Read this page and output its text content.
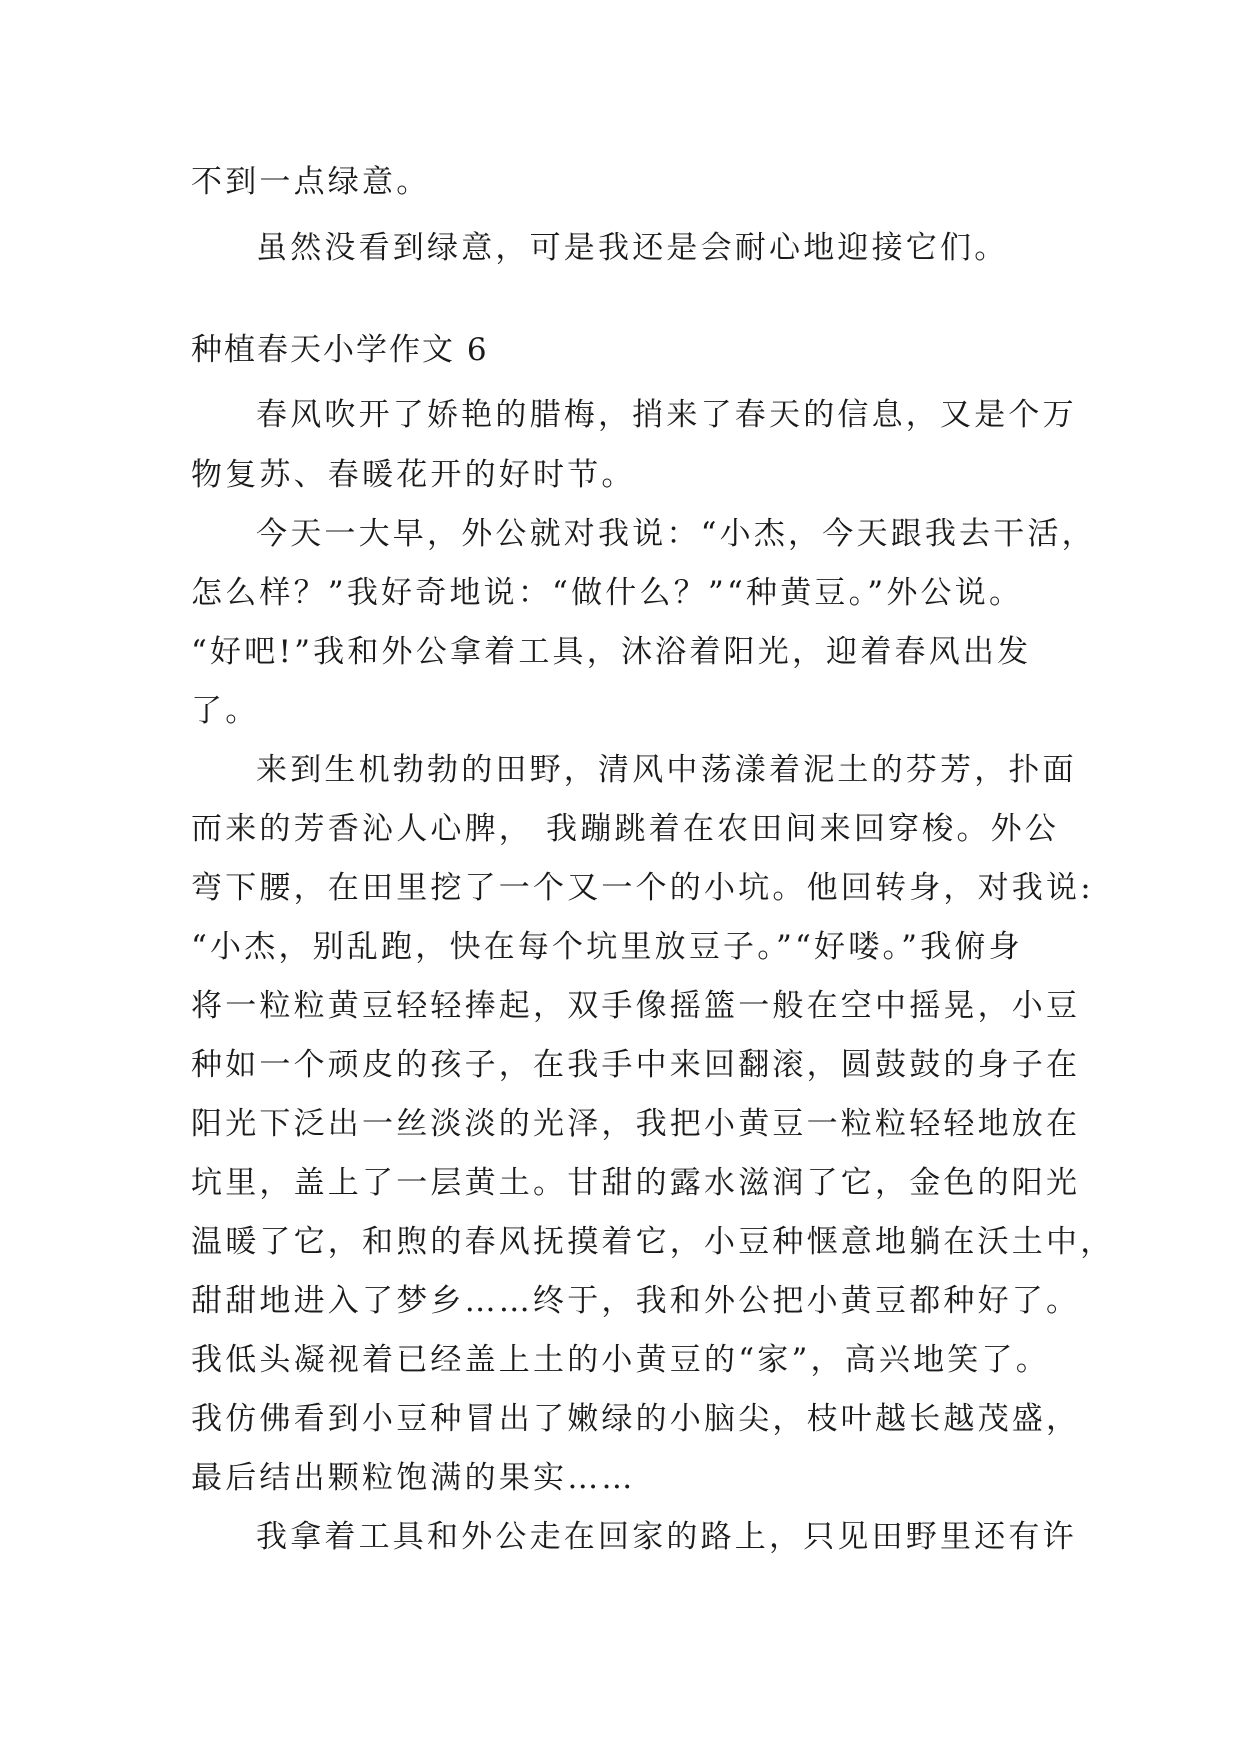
不到一点绿意。
虽然没看到绿意，可是我还是会耐心地迎接它们。
种植春天小学作文 6
春风吹开了娇艳的腊梅，捎来了春天的信息，又是个万
物复苏、春暖花开的好时节。
今天一大早，外公就对我说：“小杰，今天跟我去干活，
怎么样？”我好奇地说：“做什么？”“种黄豆。”外公说。
“好吧!”我和外公拿着工具，沐浴着阳光，迎着春风出发
了。
来到生机勃勃的田野，清风中荡漾着泥土的芬芳，扑面
而来的芳香沁人心脾， 我蹦跳着在农田间来回穿梭。外公
弯下腰，在田里挖了一个又一个的小坑。他回转身，对我说:
“小杰，别乱跑，快在每个坑里放豆子。”“好喽。”我俯身
将一粒粒黄豆轻轻捧起，双手像摇篮一般在空中摇晃，小豆
种如一个顽皮的孩子，在我手中来回翻滚，圆鼓鼓的身子在
阳光下泛出一丝淡淡的光泽，我把小黄豆一粒粒轻轻地放在
坑里，盖上了一层黄土。甘甜的露水滋润了它，金色的阳光
温暖了它，和煦的春风抚摸着它，小豆种惬意地躺在沃土中，
甜甜地进入了梦乡……终于，我和外公把小黄豆都种好了。
我低头凝视着已经盖上土的小黄豆的“家”，高兴地笑了。
我仿佛看到小豆种冒出了嫩绿的小脑尖，枝叶越长越茂盛，
最后结出颗粒饱满的果实……
我拿着工具和外公走在回家的路上，只见田野里还有许
